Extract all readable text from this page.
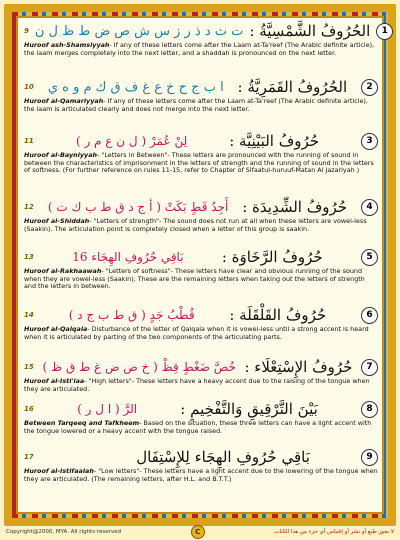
9 ت ث د ذ ر ز س ش ص ض ط ظ ل ن الحُرُوفُ الشَّمْسِيَّةُ :	1
Huroof ash-Shamsiyyah- If any of these letters come after the Laam at-Ta'reef (The Arabic definite article), the laam merges completely into the next letter, and a shaddah is pronounced on the next letter.
10 ا ب ج ح خ ع غ ف ق ك م و ه ي الحُرُوفُ القَمَرِيَّةُ :	2
Huroof al-Qamariyyah- If any of these letters come after the Laam at-Ta'reef (The Arabic definite article), the laam is articulated clearly and does not merge into the next letter.
11	لِنْ عُمَرْ ( ل ن ع م ر )	حُرُوفُ البَيْنِيَّة :	3
Huroof al-Bayniyyah- "Letters in Between"- These letters are pronounced with the running of sound in between the characteristics of imprisonment in the letters of strength and the running of sound in the letters of softness. (For further reference on rules 11-15, refer to Chapter of Sifaatul-huruuf-Matan Al Jazariyah )
12 أَجِدُ قَطٍ بَكَتْ ( أ ج د ق ط ب ك ت ) حُرُوفُ الشِّدِيدَة :	4
Huroof al-Shiddah- "Letters of strength"- The sound does not run at all when these letters are vowel-less (Saakin). The articulation point is completely closed when a letter of this group is saakin.
13	بَاقِي حُرُوفِ الهِجَاء 16	حُرُوفُ الرَّخَاوَة :	5
Huroof al-Rakhaawah- "Letters of softness"- These letters have clear and obvious running of the sound when they are vowel-less (Saakin). These are the remaining letters when taking out the letters of strength and the letters in between.
14	قُطْبُ جَدٍ ( ق ط ب ج د ) حُرُوفُ القَلْقَلَة :	6
Huroof al-Qalqala- Disturbance of the letter of Qalqala when it is vowel-less until a strong accent is heard when it is articulated by parting of the two components of the articulating parts.
15 خُصَّ ضَغْطٍ قِظْ ( خ ص ض غ ط ق ظ ) حُرُوفُ الإِسْتِعْلَاء :	7
Huroof al-Isti'laa- "High letters"- These letters have a heavy accent due to the raising of the tongue when they are articulated.
16	الرَّ ( ا ل ر )	بَيْنَ التَّرْقِيقِ وَالتَّفْخِيمِ :	8
Between Tarqeeq and Tafkheem- Based on the situation, these three letters can have a light accent with the tongue lowered or a heavy accent with the tongue raised.
17	بَاقِي حُرُوفِ الهِجَاء لِلإِسْتِفَال	9
Huroof al-Istifaalah- "Low letters"- These letters have a light accent due to the lowering of the tongue when they are articulated. (The remaining letters, after H.L. and B.T.T.)
Copyright@2000, MYA. All rights reserved	C	لا يجوز طبع أو نشر أو إقتباس أي جزء من هذا الكتاب
